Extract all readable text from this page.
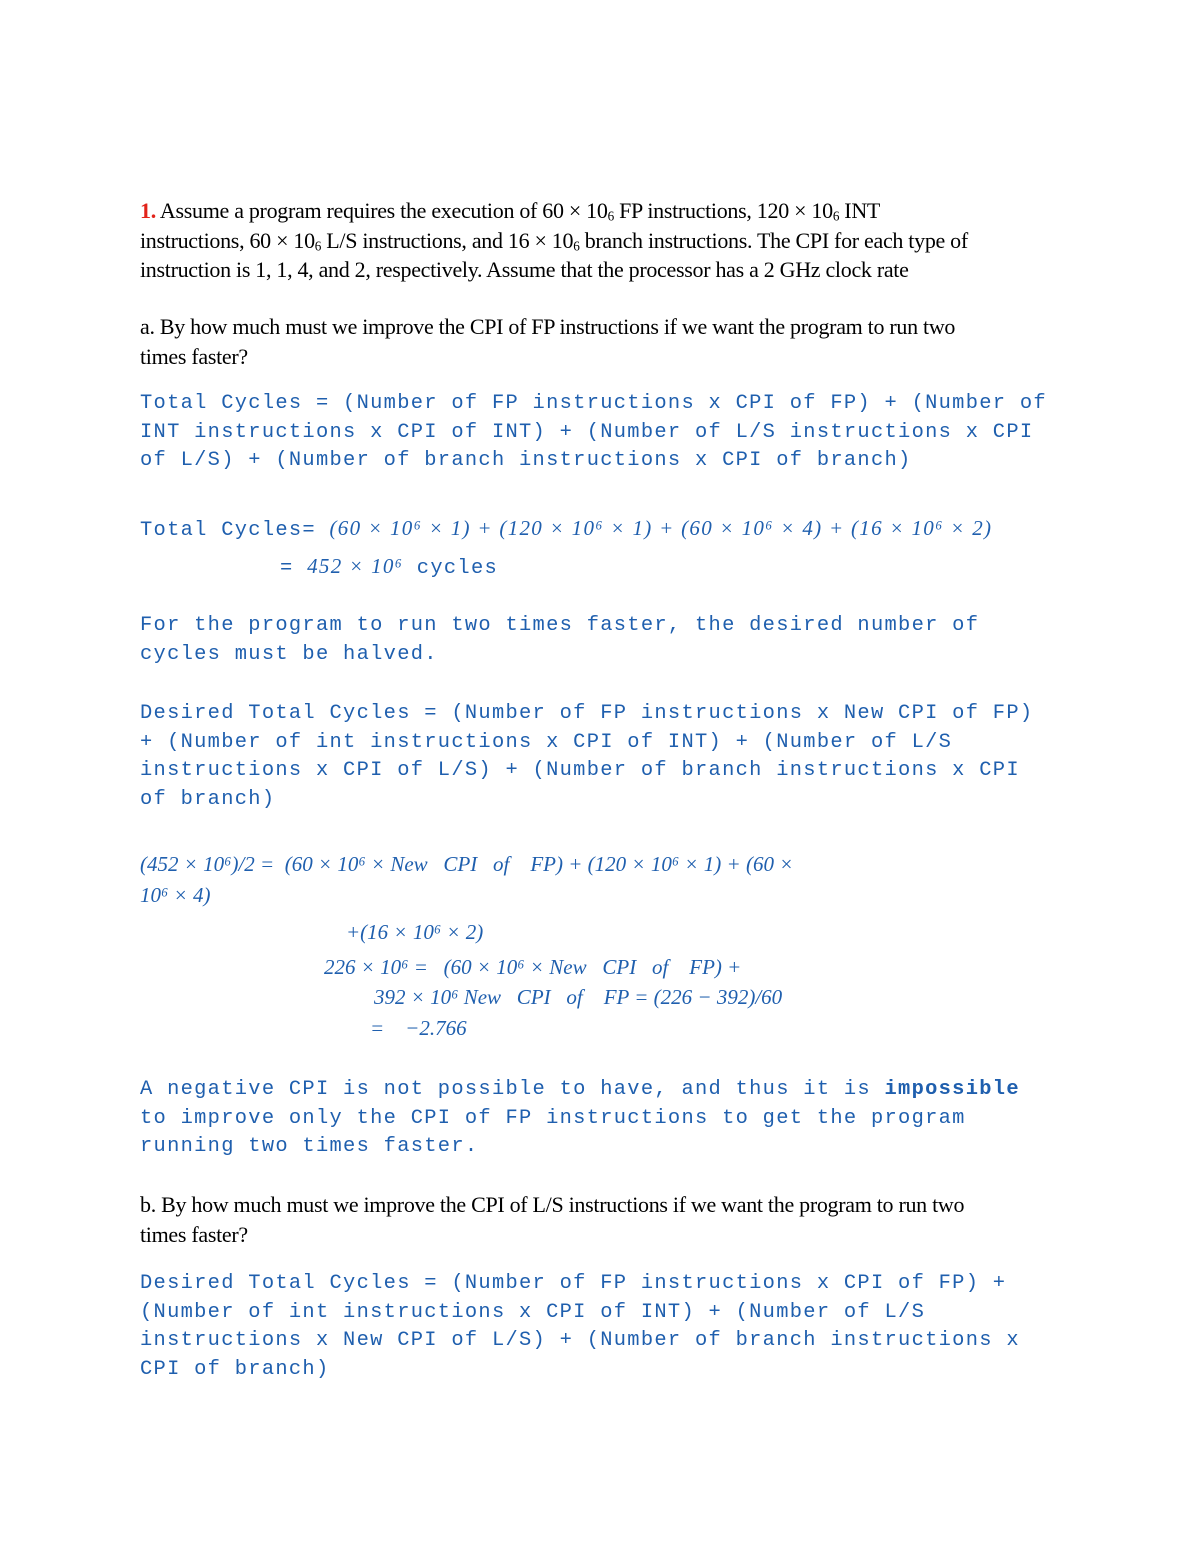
1. Assume a program requires the execution of $60 \times 10_6$ FP instructions, $120 \times 10_6$ INT
instructions, $60 \times 10_6$ L/S instructions, and $16 \times 10_6$ branch instructions. The CPI for each type of
instruction is 1, 1, 4, and 2, respectively. Assume that the processor has a 2 GHz clock rate
a. By how much must we improve the CPI of FP instructions if we want the program to run two
times faster?
Total Cycles = (Number of FP instructions x CPI of FP) + (Number of
INT instructions x CPI of INT) + (Number of L/S instructions x CPI
of L/S) + (Number of branch instructions x CPI of branch)
Total Cycles= (60 × 10⁶ × 1) + (120 × 10⁶ × 1) + (60 × 10⁶ × 4) + (16 × 10⁶ × 2)
= 452 × 10⁶ cycles
For the program to run two times faster, the desired number of
cycles must be halved.
Desired Total Cycles = (Number of FP instructions x New CPI of FP)
+ (Number of int instructions x CPI of INT) + (Number of L/S
instructions x CPI of L/S) + (Number of branch instructions x CPI
of branch)
(452 × 10⁶)/2 =  (60 × 10⁶ × New   CPI   of    FP) + (120 × 10⁶ × 1) + (60 ×
10⁶ × 4)
+(16 × 10⁶ × 2)
226 × 10⁶ =   (60 × 10⁶ × New   CPI   of    FP) +
392 × 10⁶ New   CPI   of    FP = (226 − 392)/60
=    −2.766
A negative CPI is not possible to have, and thus it is impossible
to improve only the CPI of FP instructions to get the program
running two times faster.
b. By how much must we improve the CPI of L/S instructions if we want the program to run two
times faster?
Desired Total Cycles = (Number of FP instructions x CPI of FP) +
(Number of int instructions x CPI of INT) + (Number of L/S
instructions x New CPI of L/S) + (Number of branch instructions x
CPI of branch)
